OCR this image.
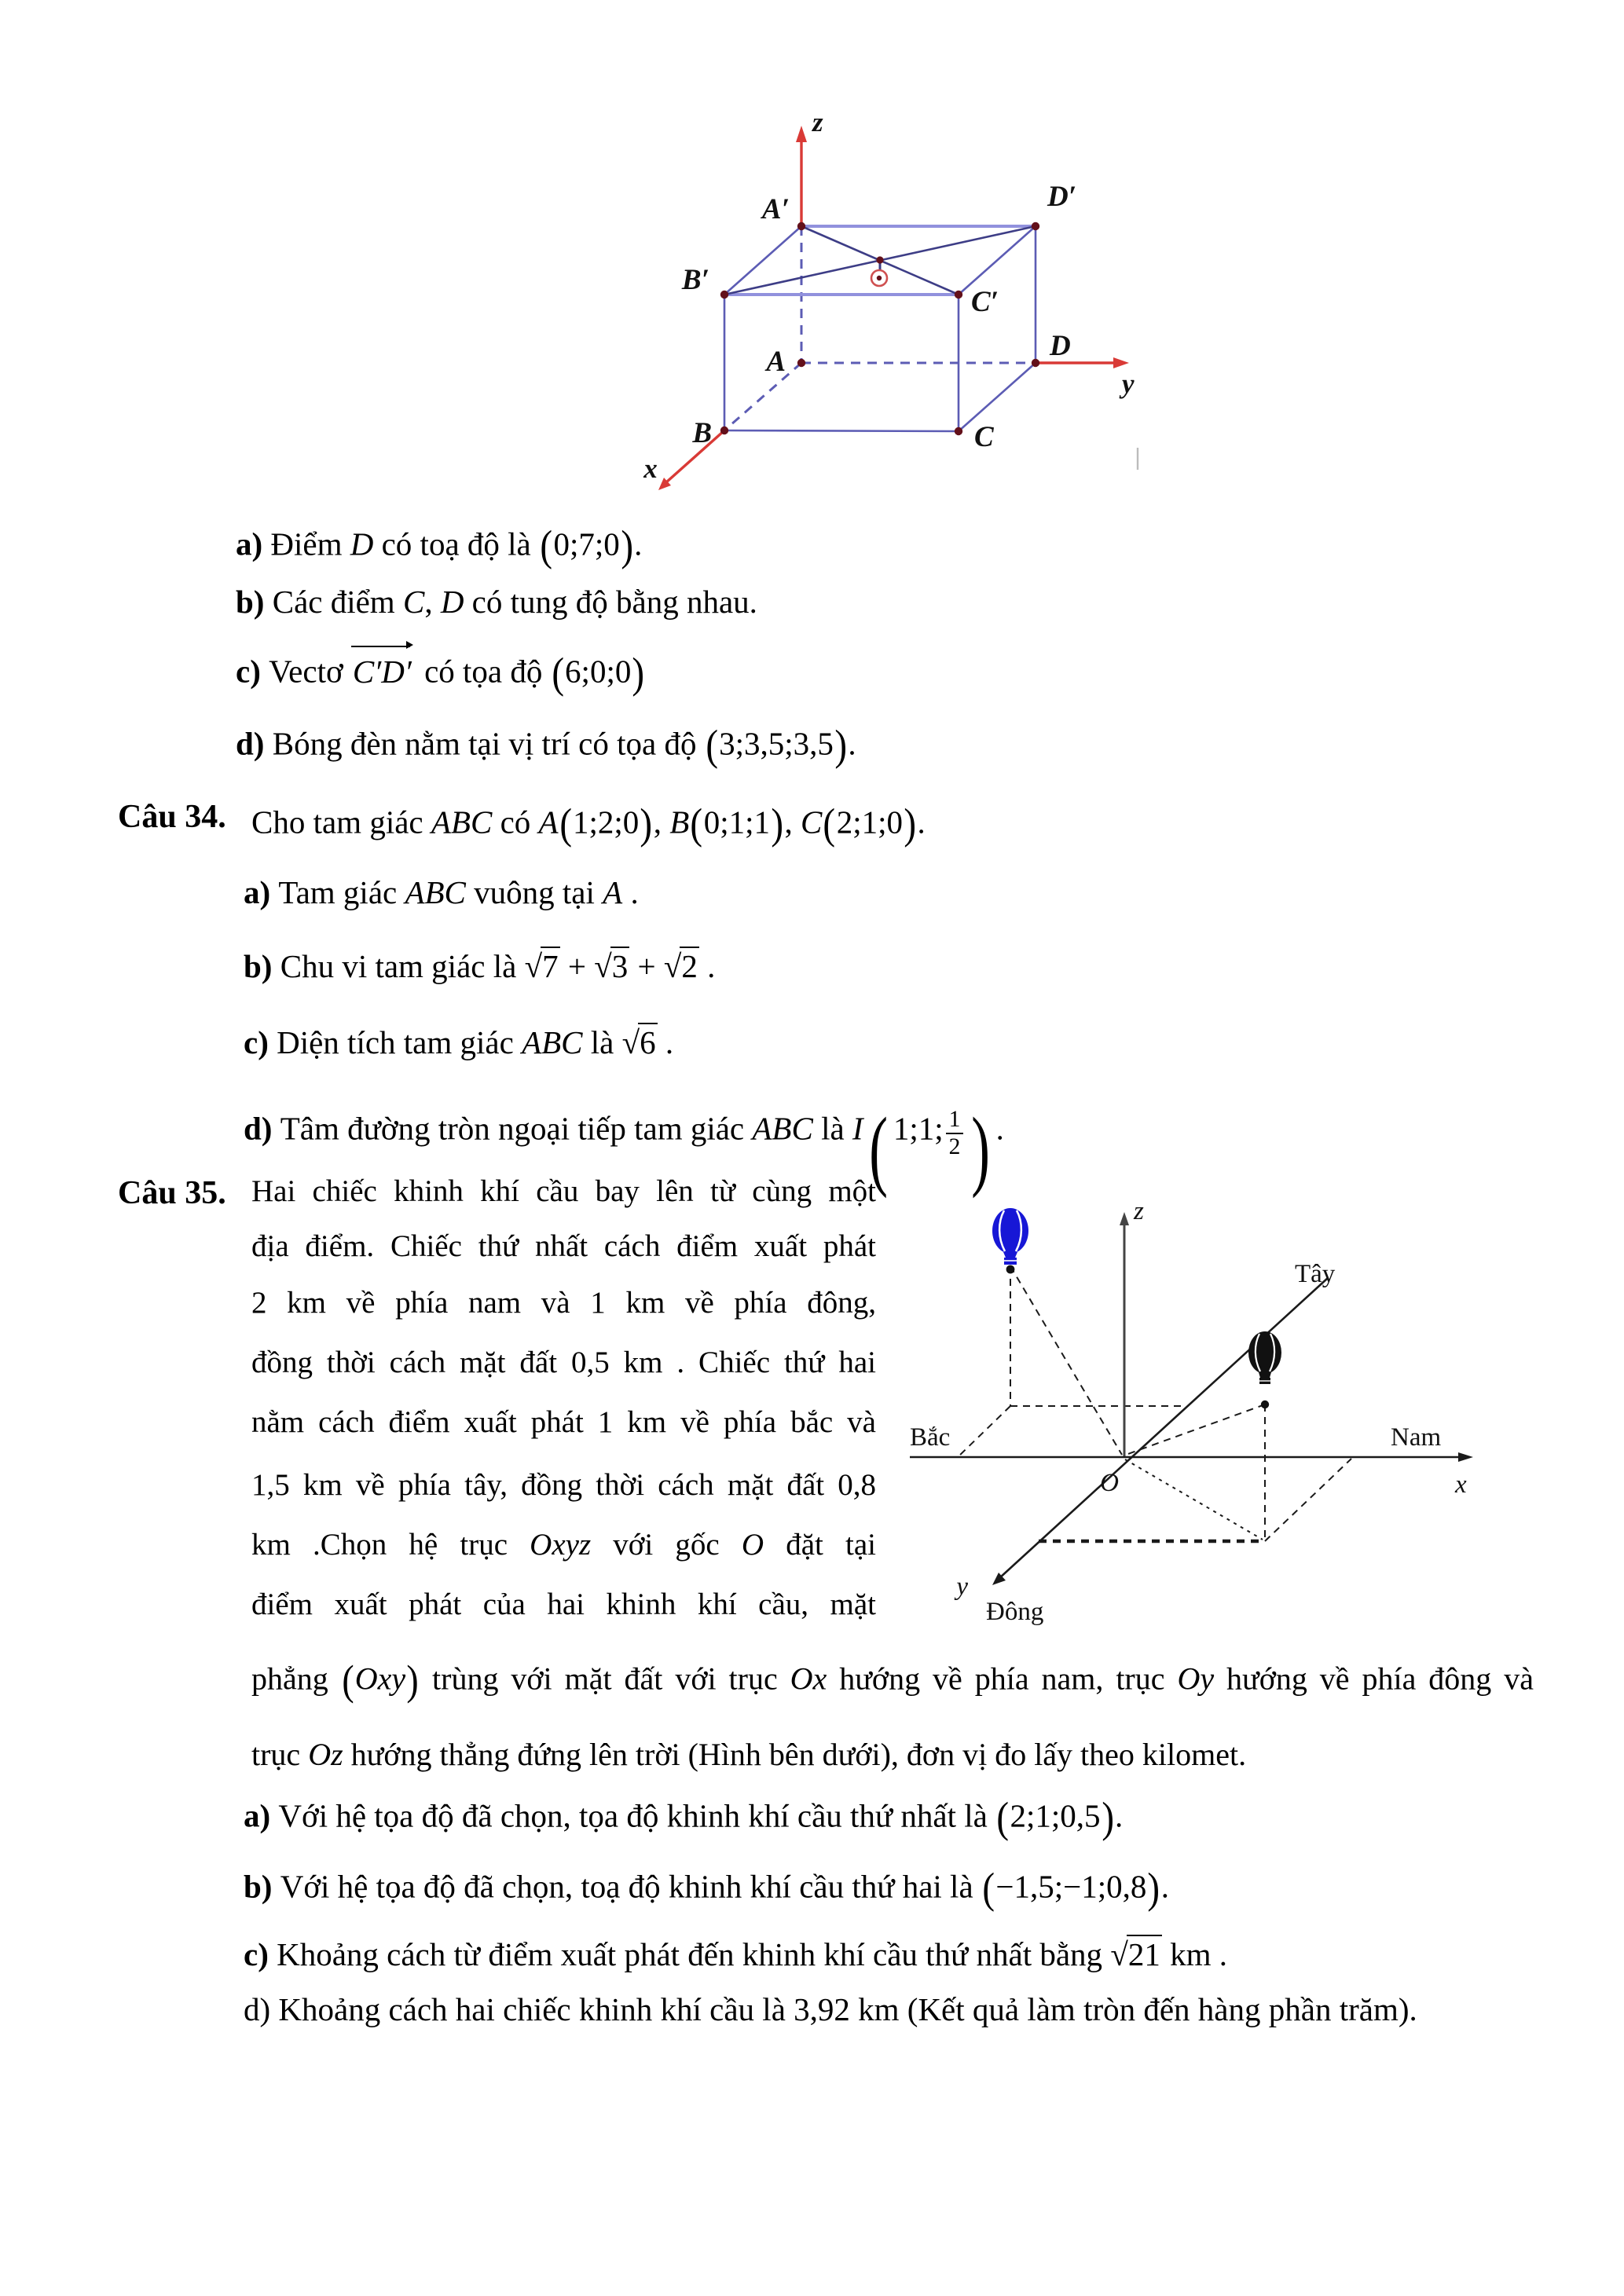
A′	D′
B′
C′
A	D
B	C
z
y
x
a) Điểm D có toạ độ là (0;7;0).
b) Các điểm C, D có tung độ bằng nhau.
c) Vectơ C′D′ có tọa độ (6;0;0)
d) Bóng đèn nằm tại vị trí có tọa độ (3;3,5;3,5).
Câu 34. Cho tam giác ABC có A(1;2;0), B(0;1;1), C(2;1;0).
a) Tam giác ABC vuông tại A .
b) Chu vi tam giác là √7 + √3 + √2 .
c) Diện tích tam giác ABC là √6 .
d) Tâm đường tròn ngoại tiếp tam giác ABC là I( 1;1; $\frac{1}{2}$ ) .
Câu 35. Hai chiếc khinh khí cầu bay lên từ cùng một
địa điểm. Chiếc thứ nhất cách điểm xuất phát
2 km về phía nam và 1 km về phía đông,
đồng thời cách mặt đất 0,5 km . Chiếc thứ hai
nằm cách điểm xuất phát 1 km về phía bắc và
1,5 km về phía tây, đồng thời cách mặt đất 0,8
km .Chọn hệ trục Oxyz với gốc O đặt tại
điểm xuất phát của hai khinh khí cầu, mặt
phẳng (Oxy) trùng với mặt đất với trục Ox hướng về phía nam, trục Oy hướng về phía đông và
trục Oz hướng thẳng đứng lên trời (Hình bên dưới), đơn vị đo lấy theo kilomet.
a) Với hệ tọa độ đã chọn, tọa độ khinh khí cầu thứ nhất là (2;1;0,5).
b) Với hệ tọa độ đã chọn, toạ độ khinh khí cầu thứ hai là (−1,5;−1;0,8).
c) Khoảng cách từ điểm xuất phát đến khinh khí cầu thứ nhất bằng √21 km .
d) Khoảng cách hai chiếc khinh khí cầu là 3,92 km (Kết quả làm tròn đến hàng phần trăm).
z
x
y
Tây
Nam
Bắc
Đông
O
